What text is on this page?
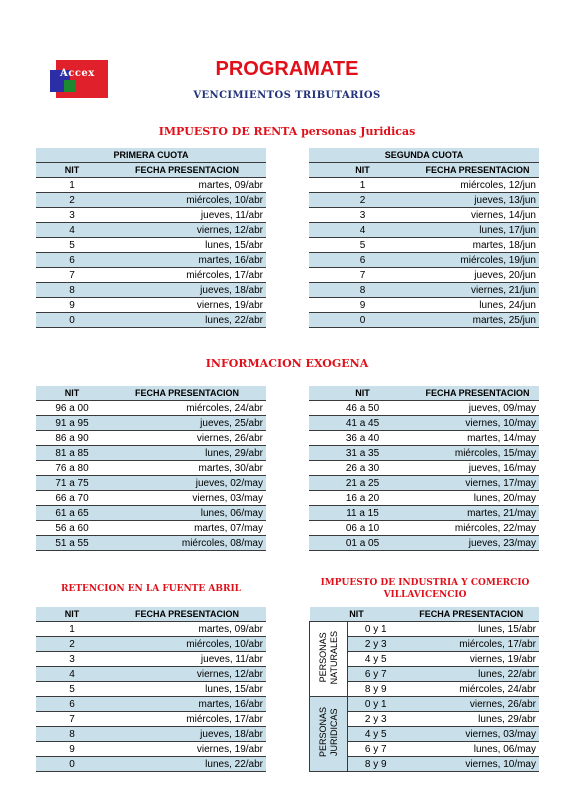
Accex	PROGRAMATE
VENCIMIENTOS TRIBUTARIOS
IMPUESTO DE RENTA personas Juridicas
PRIMERA CUOTA	
NIT	FECHA PRESENTACION
1	martes, 09/abr
2	miércoles, 10/abr
3	jueves, 11/abr
4	viernes, 12/abr
5	lunes, 15/abr
6	martes, 16/abr
7	miércoles, 17/abr
8	jueves, 18/abr
9	viernes, 19/abr
0	lunes, 22/abr
SEGUNDA CUOTA	
NIT	FECHA PRESENTACION
1	miércoles, 12/jun
2	jueves, 13/jun
3	viernes, 14/jun
4	lunes, 17/jun
5	martes, 18/jun
6	miércoles, 19/jun
7	jueves, 20/jun
8	viernes, 21/jun
9	lunes, 24/jun
0	martes, 25/jun
INFORMACION EXOGENA
NIT	FECHA PRESENTACION
96 a 00	miércoles, 24/abr
91 a 95	jueves, 25/abr
86 a 90	viernes, 26/abr
81 a 85	lunes, 29/abr
76 a 80	martes, 30/abr
71 a 75	jueves, 02/may
66 a 70	viernes, 03/may
61 a 65	lunes, 06/may
56 a 60	martes, 07/may
51 a 55	miércoles, 08/may
NIT	FECHA PRESENTACION
46 a 50	jueves, 09/may
41 a 45	viernes, 10/may
36 a 40	martes, 14/may
31 a 35	miércoles, 15/may
26 a 30	jueves, 16/may
21 a 25	viernes, 17/may
16 a 20	lunes, 20/may
11 a 15	martes, 21/may
06 a 10	miércoles, 22/may
01 a 05	jueves, 23/may
RETENCION EN LA FUENTE ABRIL
NIT	FECHA PRESENTACION
1	martes, 09/abr
2	miércoles, 10/abr
3	jueves, 11/abr
4	viernes, 12/abr
5	lunes, 15/abr
6	martes, 16/abr
7	miércoles, 17/abr
8	jueves, 18/abr
9	viernes, 19/abr
0	lunes, 22/abr
IMPUESTO DE INDUSTRIA Y COMERCIO
VILLAVICENCIO
NIT		FECHA PRESENTACION
PERSONAS
NATURALES	0 y 1	lunes, 15/abr
	2 y 3	miércoles, 17/abr
	4 y 5	viernes, 19/abr
	6 y 7	lunes, 22/abr
	8 y 9	miércoles, 24/abr
PERSONAS
JURIDICAS	0 y 1	viernes, 26/abr
	2 y 3	lunes, 29/abr
	4 y 5	viernes, 03/may
	6 y 7	lunes, 06/may
	8 y 9	viernes, 10/may
